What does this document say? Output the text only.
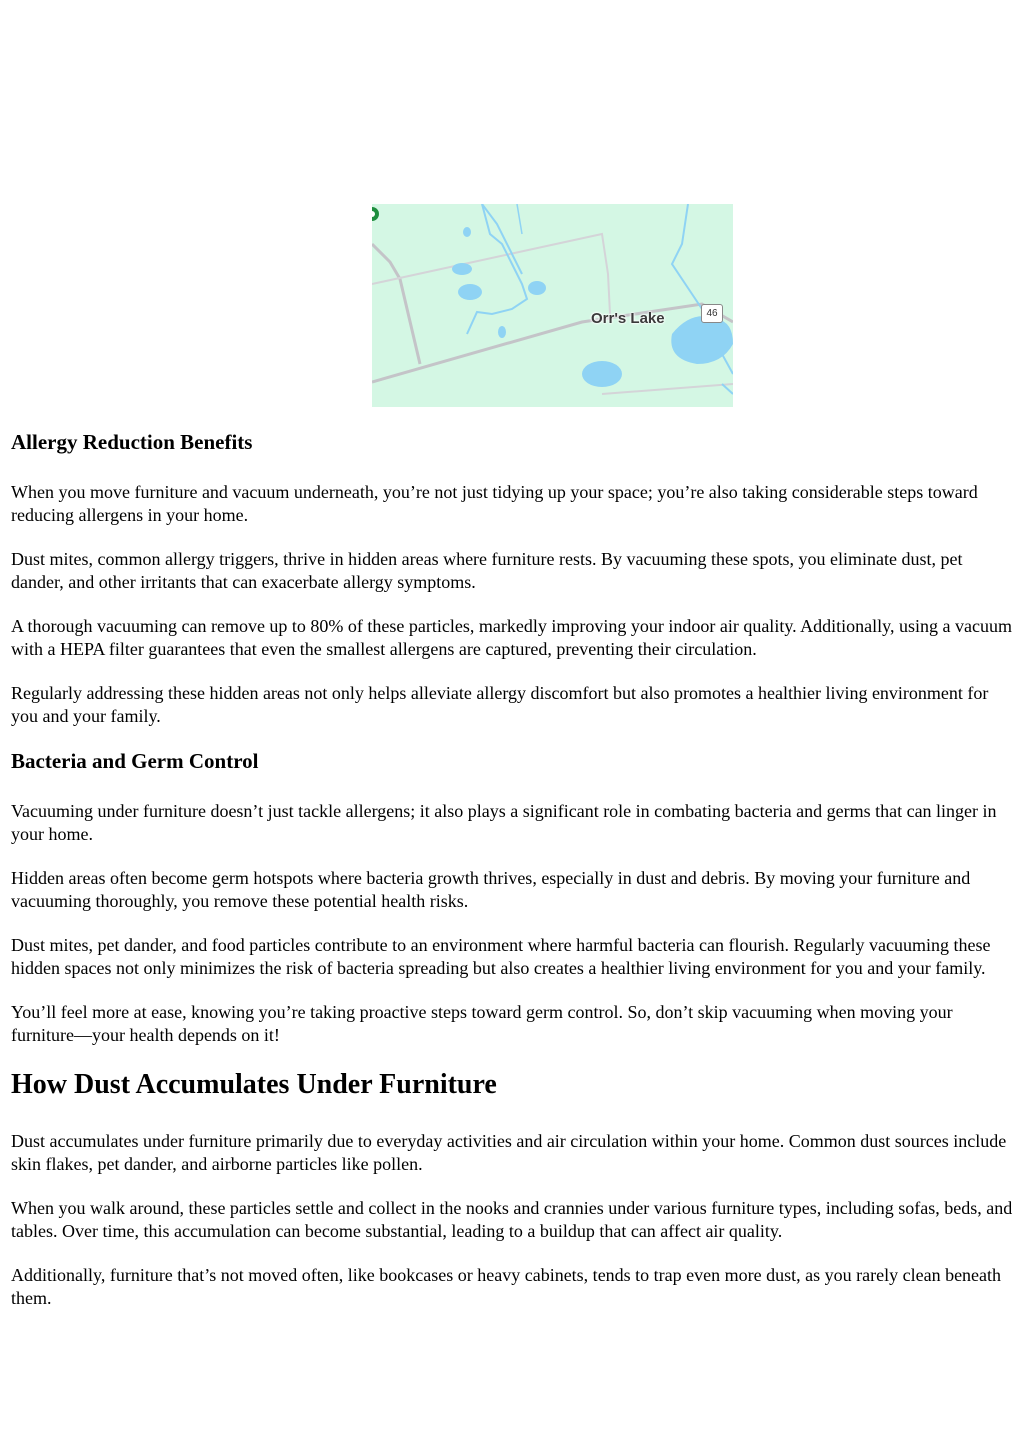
Orr's Lake	46
Allergy Reduction Benefits

When you move furniture and vacuum underneath, you’re not just tidying up your space; you’re also taking considerable steps toward reducing allergens in your home.

Dust mites, common allergy triggers, thrive in hidden areas where furniture rests. By vacuuming these spots, you eliminate dust, pet dander, and other irritants that can exacerbate allergy symptoms.

A thorough vacuuming can remove up to 80% of these particles, markedly improving your indoor air quality. Additionally, using a vacuum with a HEPA filter guarantees that even the smallest allergens are captured, preventing their circulation.

Regularly addressing these hidden areas not only helps alleviate allergy discomfort but also promotes a healthier living environment for you and your family.

Bacteria and Germ Control

Vacuuming under furniture doesn’t just tackle allergens; it also plays a significant role in combating bacteria and germs that can linger in your home.

Hidden areas often become germ hotspots where bacteria growth thrives, especially in dust and debris. By moving your furniture and vacuuming thoroughly, you remove these potential health risks.

Dust mites, pet dander, and food particles contribute to an environment where harmful bacteria can flourish. Regularly vacuuming these hidden spaces not only minimizes the risk of bacteria spreading but also creates a healthier living environment for you and your family.

You’ll feel more at ease, knowing you’re taking proactive steps toward germ control. So, don’t skip vacuuming when moving your furniture—your health depends on it!

How Dust Accumulates Under Furniture

Dust accumulates under furniture primarily due to everyday activities and air circulation within your home. Common dust sources include skin flakes, pet dander, and airborne particles like pollen.

When you walk around, these particles settle and collect in the nooks and crannies under various furniture types, including sofas, beds, and tables. Over time, this accumulation can become substantial, leading to a buildup that can affect air quality.

Additionally, furniture that’s not moved often, like bookcases or heavy cabinets, tends to trap even more dust, as you rarely clean beneath them.
